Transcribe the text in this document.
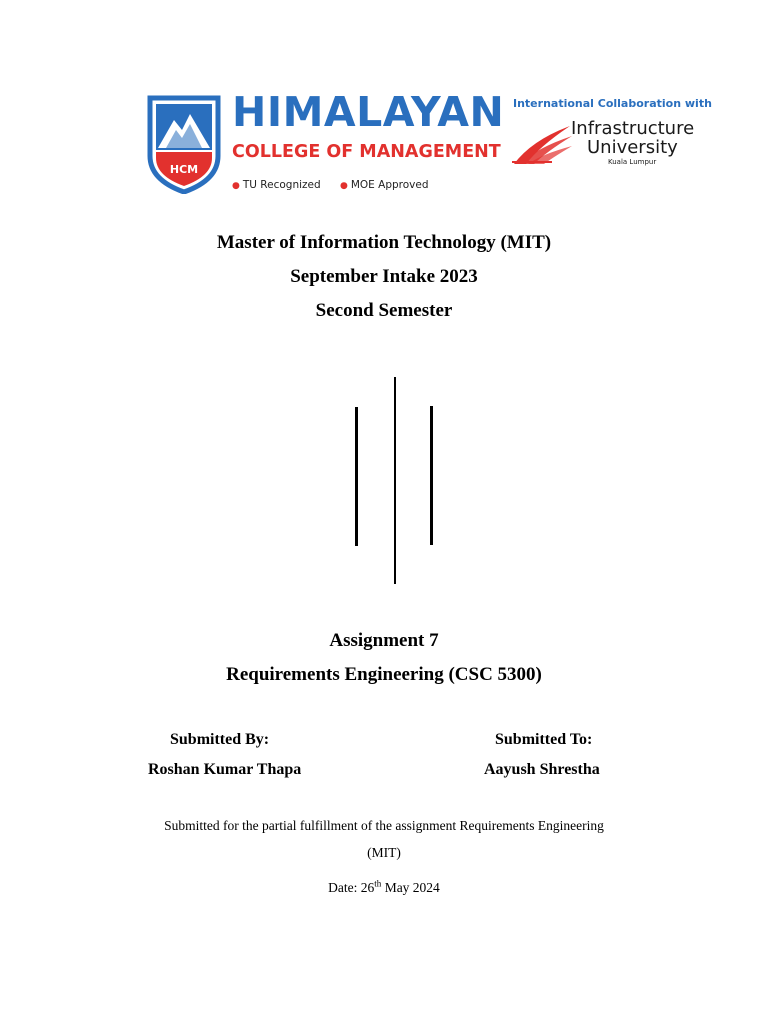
HCM
HIMALAYAN
COLLEGE OF MANAGEMENT
● TU Recognized ● MOE Approved
International Collaboration with
Infrastructure
University
Kuala Lumpur
Master of Information Technology (MIT)
September Intake 2023
Second Semester
Assignment 7
Requirements Engineering (CSC 5300)
Submitted By:
Roshan Kumar Thapa
Submitted To:
Aayush Shrestha
Submitted for the partial fulfillment of the assignment Requirements Engineering
(MIT)
Date: 26th May 2024
